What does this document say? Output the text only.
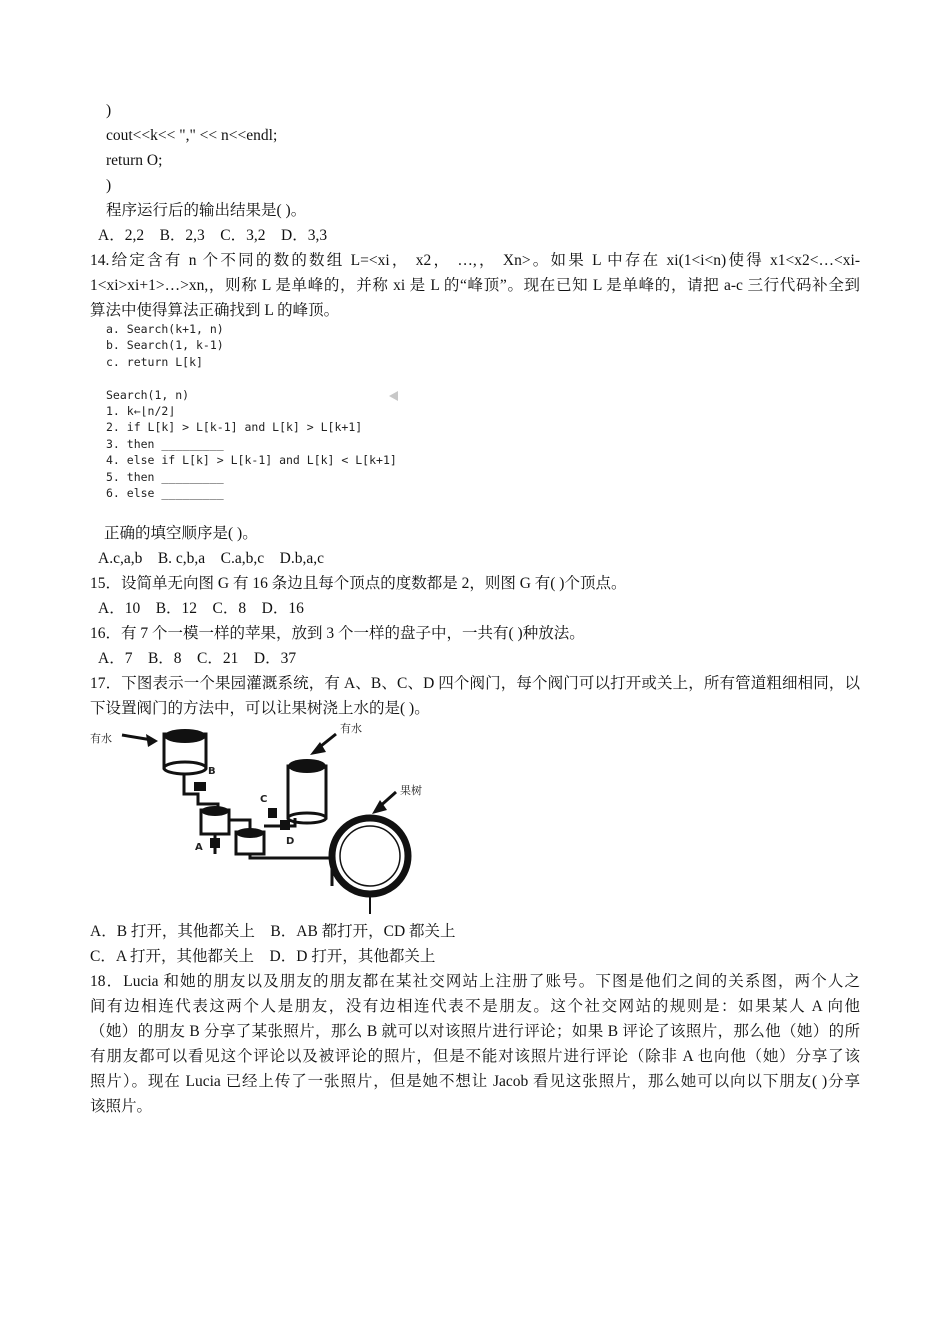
)
cout<<k<< "," << n<<endl;
return O;
)
程序运行后的输出结果是( )。
A．2,2　B．2,3　C．3,2　D．3,3
14.给定含有 n 个不同的数的数组 L=<xi， x2， …,， Xn>。如果 L 中存在 xi(1<i<n)使得 x1<x2<…<xi-
1<xi>xi+1>…>xn,，则称 L 是单峰的，并称 xi 是 L 的“峰顶”。现在已知 L 是单峰的，请把 a-c 三行代码补全到
算法中使得算法正确找到 L 的峰顶。
a. Search(k+1, n)
b. Search(1, k-1)
c. return L[k]

Search(1, n)
1. k←⌊n/2⌋
2. if L[k] > L[k-1] and L[k] > L[k+1]
3. then _________
4. else if L[k] > L[k-1] and L[k] < L[k+1]
5. then _________
6. else _________
正确的填空顺序是( )。
A.c,a,b　B. c,b,a　C.a,b,c　D.b,a,c
15．设简单无向图 G 有 16 条边且每个顶点的度数都是 2，则图 G 有( )个顶点。
A．10　B．12　C．8　D．16
16．有 7 个一模一样的苹果，放到 3 个一样的盘子中，一共有( )种放法。
A．7　B．8　C．21　D．37
17．下图表示一个果园灌溉系统，有 A、B、C、D 四个阀门，每个阀门可以打开或关上，所有管道粗细相同，以
下设置阀门的方法中，可以让果树浇上水的是( )。
有水
B
A
有水
C
D
果树
A．B 打开，其他都关上　B．AB 都打开，CD 都关上
C．A 打开，其他都关上　D．D 打开，其他都关上
18．Lucia 和她的朋友以及朋友的朋友都在某社交网站上注册了账号。下图是他们之间的关系图，两个人之
间有边相连代表这两个人是朋友，没有边相连代表不是朋友。这个社交网站的规则是：如果某人 A 向他
（她）的朋友 B 分享了某张照片，那么 B 就可以对该照片进行评论；如果 B 评论了该照片，那么他（她）的所
有朋友都可以看见这个评论以及被评论的照片，但是不能对该照片进行评论（除非 A 也向他（她）分享了该
照片）。现在 Lucia 已经上传了一张照片，但是她不想让 Jacob 看见这张照片，那么她可以向以下朋友( )分享
该照片。
